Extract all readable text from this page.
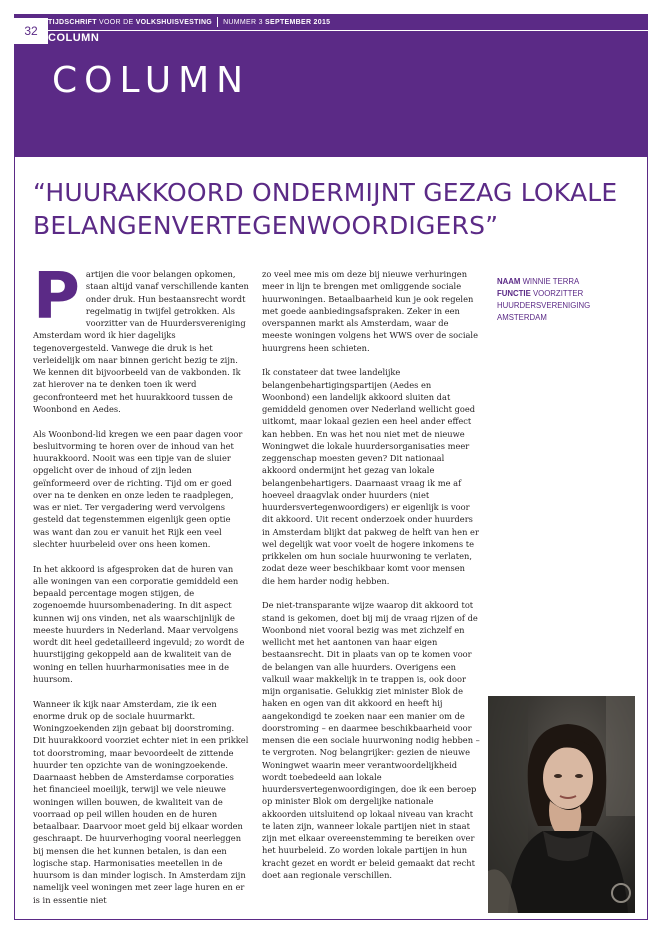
32
TIJDSCHRIFT VOOR DE VOLKSHUISVESTING NUMMER 3 SEPTEMBER 2015
COLUMN
COLUMN
“HUURAKKOORD ONDERMIJNT GEZAG LOKALE BELANGENVERTEGENWOORDIGERS”

Partijen die voor belangen opkomen, staan altijd vanaf verschillende kanten onder druk. Hun bestaansrecht wordt regelmatig in twijfel getrokken. Als voorzitter van de Huurdersvereniging Amsterdam word ik hier dagelijks tegenovergesteld. Vanwege die druk is het verleidelijk om naar binnen gericht bezig te zijn. We kennen dit bijvoorbeeld van de vakbonden. Ik zat hierover na te denken toen ik werd geconfronteerd met het huurakkoord tussen de Woonbond en Aedes.

Als Woonbond-lid kregen we een paar dagen voor besluitvorming te horen over de inhoud van het huurakkoord. Nooit was een tipje van de sluier opgelicht over de inhoud of zijn leden geïnformeerd over de richting. Tijd om er goed over na te denken en onze leden te raadplegen, was er niet. Ter vergadering werd vervolgens gesteld dat tegenstemmen eigenlijk geen optie was want dan zou er vanuit het Rijk een veel slechter huurbeleid over ons heen komen.

In het akkoord is afgesproken dat de huren van alle woningen van een corporatie gemiddeld een bepaald percentage mogen stijgen, de zogenoemde huursombenadering. In dit aspect kunnen wij ons vinden, net als waarschijnlijk de meeste huurders in Nederland. Maar vervolgens wordt dit heel gedetailleerd ingevuld; zo wordt de huurstijging gekoppeld aan de kwaliteit van de woning en tellen huurharmonisaties mee in de huursom.

Wanneer ik kijk naar Amsterdam, zie ik een enorme druk op de sociale huurmarkt. Woningzoekenden zijn gebaat bij doorstroming. Dit huurakkoord voorziet echter niet in een prikkel tot doorstroming, maar bevoordeelt de zittende huurder ten opzichte van de woningzoekende. Daarnaast hebben de Amsterdamse corporaties het financieel moeilijk, terwijl we vele nieuwe woningen willen bouwen, de kwaliteit van de voorraad op peil willen houden en de huren betaalbaar. Daarvoor moet geld bij elkaar worden geschraapt. De huurverhoging vooral neerleggen bij mensen die het kunnen betalen, is dan een logische stap. Harmonisaties meetellen in de huursom is dan minder logisch. In Amsterdam zijn namelijk veel woningen met zeer lage huren en er is in essentie niet

zo veel mee mis om deze bij nieuwe verhuringen meer in lijn te brengen met omliggende sociale huurwoningen. Betaalbaarheid kun je ook regelen met goede aanbiedingsafspraken. Zeker in een overspannen markt als Amsterdam, waar de meeste woningen volgens het WWS over de sociale huurgrens heen schieten.

Ik constateer dat twee landelijke belangenbehartigingspartijen (Aedes en Woonbond) een landelijk akkoord sluiten dat gemiddeld genomen over Nederland wellicht goed uitkomt, maar lokaal gezien een heel ander effect kan hebben. En was het nou niet met de nieuwe Woningwet die lokale huurdersorganisaties meer zeggenschap moesten geven? Dit nationaal akkoord ondermijnt het gezag van lokale belangenbehartigers. Daarnaast vraag ik me af hoeveel draagvlak onder huurders (niet huurdersvertegenwoordigers) er eigenlijk is voor dit akkoord. Uit recent onderzoek onder huurders in Amsterdam blijkt dat pakweg de helft van hen er wel degelijk wat voor voelt de hogere inkomens te prikkelen om hun sociale huurwoning te verlaten, zodat deze weer beschikbaar komt voor mensen die hem harder nodig hebben.

De niet-transparante wijze waarop dit akkoord tot stand is gekomen, doet bij mij de vraag rijzen of de Woonbond niet vooral bezig was met zichzelf en wellicht met het aantonen van haar eigen bestaansrecht. Dit in plaats van op te komen voor de belangen van alle huurders. Overigens een valkuil waar makkelijk in te trappen is, ook door mijn organisatie. Gelukkig ziet minister Blok de haken en ogen van dit akkoord en heeft hij aangekondigd te zoeken naar een manier om de doorstroming – en daarmee beschikbaarheid voor mensen die een sociale huurwoning nodig hebben – te vergroten. Nog belangrijker: gezien de nieuwe Woningwet waarin meer verantwoordelijkheid wordt toebedeeld aan lokale huurdersvertegenwoordigingen, doe ik een beroep op minister Blok om dergelijke nationale akkoorden uitsluitend op lokaal niveau van kracht te laten zijn, wanneer lokale partijen niet in staat zijn met elkaar overeenstemming te bereiken over het huurbeleid. Zo worden lokale partijen in hun kracht gezet en wordt er beleid gemaakt dat recht doet aan regionale verschillen.

NAAM WINNIE TERRA
FUNCTIE VOORZITTER HUURDERSVERENIGING AMSTERDAM
